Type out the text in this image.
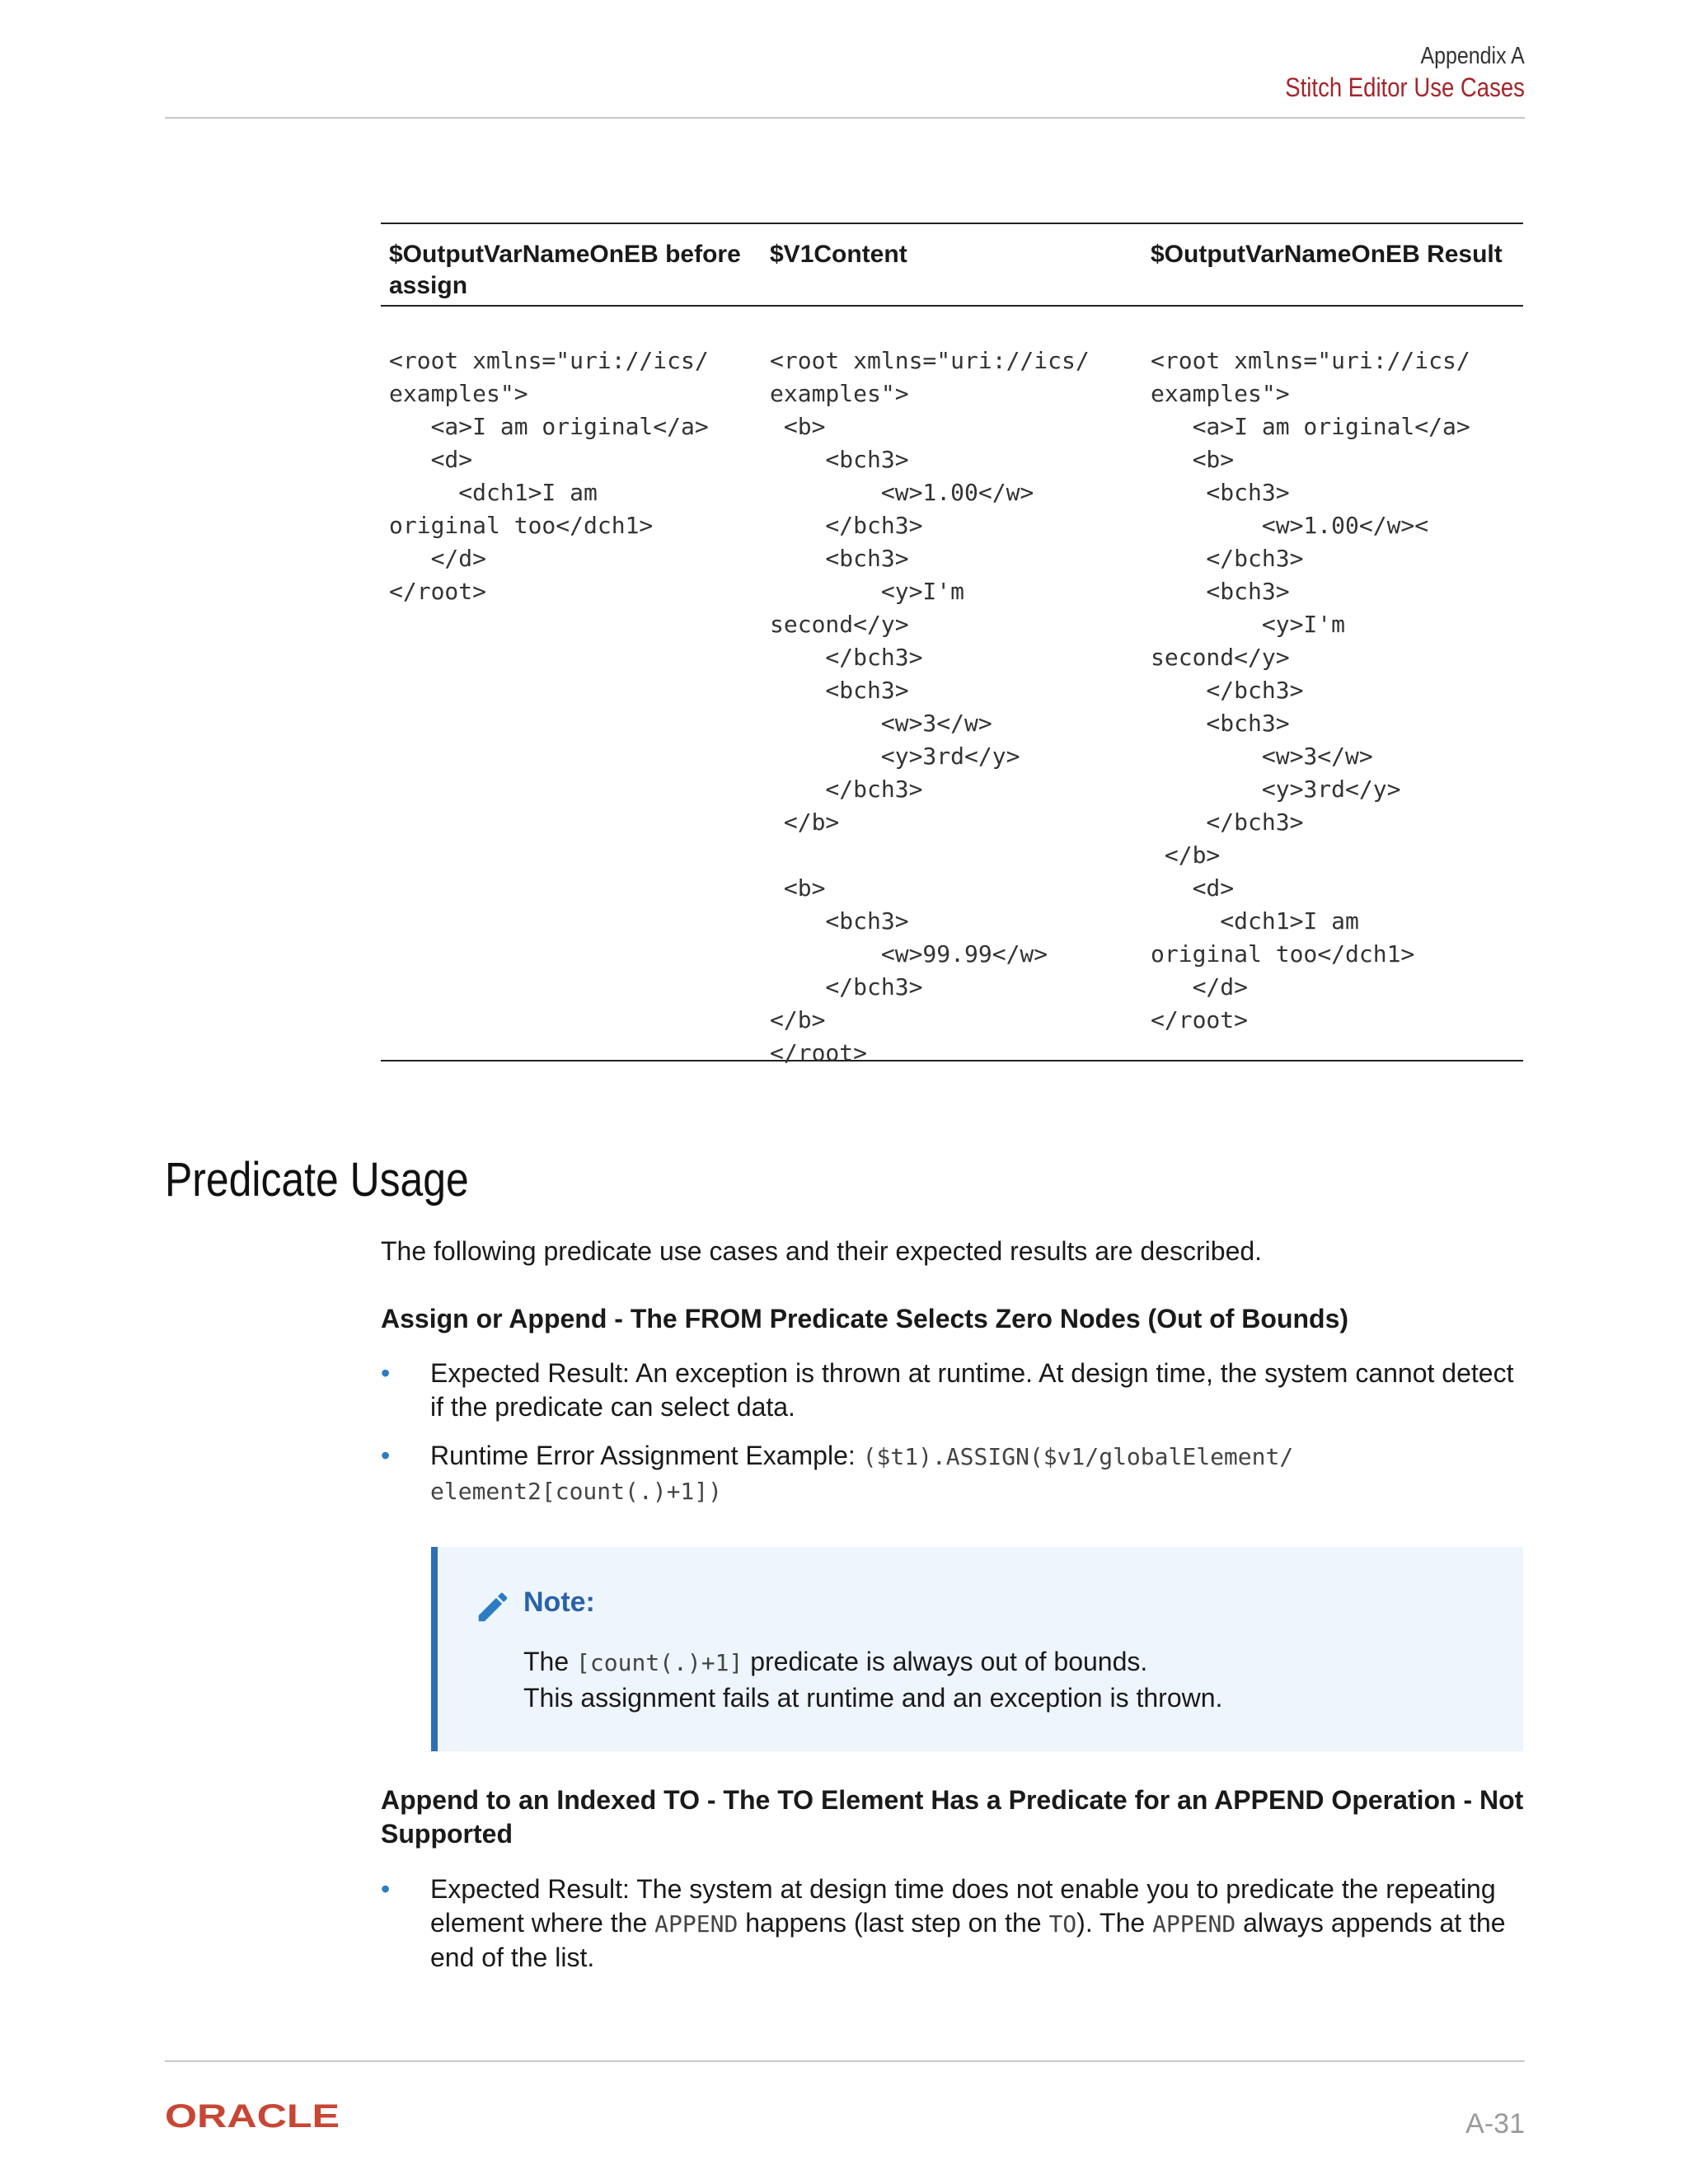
Appendix A
Stitch Editor Use Cases
$OutputVarNameOnEB before assign
$V1Content	$OutputVarNameOnEB Result
<root xmlns="uri://ics/
examples">
<a>I am original</a>
<d>
<dch1>I am
original too</dch1>
</d>
</root>
<root xmlns="uri://ics/
examples">
<b>
<bch3>
<w>1.00</w>
</bch3>
<bch3>
<y>I'm
second</y>
</bch3>
<bch3>
<w>3</w>
<y>3rd</y>
</bch3>
</b>

<b>
<bch3>
<w>99.99</w>
</bch3>
</b>
</root>
<root xmlns="uri://ics/
examples">
<a>I am original</a>
<b>
<bch3>
<w>1.00</w><
</bch3>
<bch3>
<y>I'm
second</y>
</bch3>
<bch3>
<w>3</w>
<y>3rd</y>
</bch3>
</b>
<d>
<dch1>I am
original too</dch1>
</d>
</root>
Predicate Usage
The following predicate use cases and their expected results are described.
Assign or Append - The FROM Predicate Selects Zero Nodes (Out of Bounds)
• Expected Result: An exception is thrown at runtime. At design time, the system cannot detect if the predicate can select data.
• Runtime Error Assignment Example: ($t1).ASSIGN($v1/globalElement/ element2[count(.)+1])
Note:
The [count(.)+1] predicate is always out of bounds.
This assignment fails at runtime and an exception is thrown.
Append to an Indexed TO - The TO Element Has a Predicate for an APPEND Operation - Not Supported
• Expected Result: The system at design time does not enable you to predicate the repeating element where the APPEND happens (last step on the TO). The APPEND always appends at the end of the list.
ORACLE	A-31
